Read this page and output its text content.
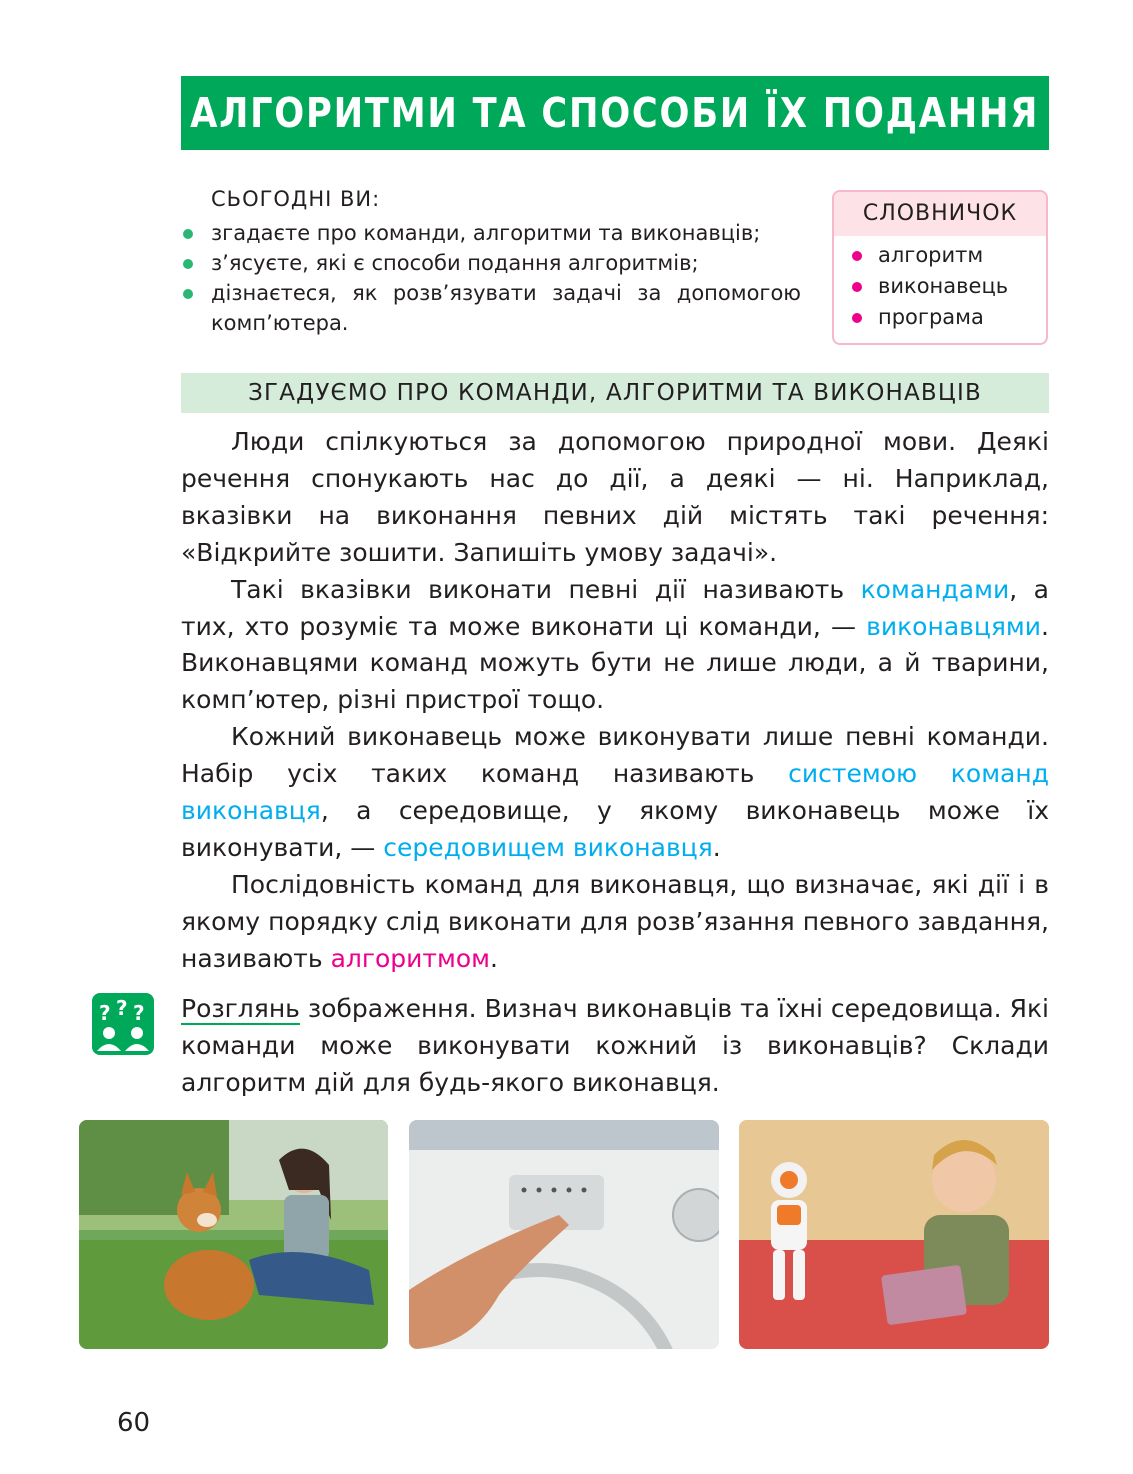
АЛГОРИТМИ ТА СПОСОБИ ЇХ ПОДАННЯ
СЬОГОДНІ ВИ:
згадаєте про команди, алгоритми та виконавців;
з’ясуєте, які є способи подання алгоритмів;
дізнаєтеся, як розв’язувати задачі за допомогою комп’ютера.
СЛОВНИЧОК
алгоритм
виконавець
програма
ЗГАДУЄМО ПРО КОМАНДИ, АЛГОРИТМИ ТА ВИКОНАВЦІВ

Люди спілкуються за допомогою природної мови. Деякі речення спонукають нас до дії, а деякі — ні. Наприклад, вказівки на виконання певних дій містять такі речення: «Відкрийте зошити. Запишіть умову задачі».

Такі вказівки виконати певні дії називають командами, а тих, хто розуміє та може виконати ці команди, — виконавцями. Виконавцями команд можуть бути не лише люди, а й тварини, комп’ютер, різні пристрої тощо.

Кожний виконавець може виконувати лише певні команди. Набір усіх таких команд називають системою команд виконавця, а середовище, у якому виконавець може їх виконувати, — середовищем виконавця.

Послідовність команд для виконавця, що визначає, які дії і в якому порядку слід виконати для розв’язання певного завдання, називають алгоритмом.

? ? ? Розглянь зображення. Визнач виконавців та їхні середовища. Які команди може виконувати кожний із виконавців? Склади алгоритм дій для будь-якого виконавця.
60
